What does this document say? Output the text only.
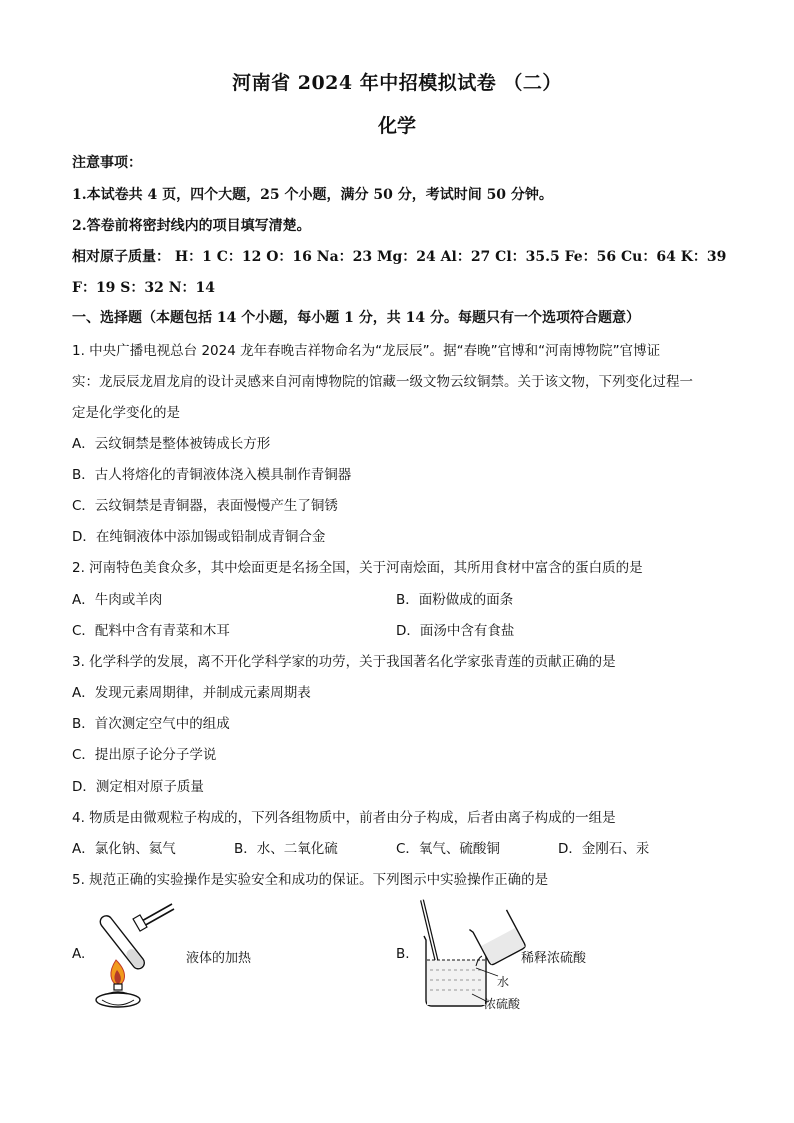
河南省 2024 年中招模拟试卷 （二）
化学
注意事项：
1.本试卷共 4 页，四个大题，25 个小题，满分 50 分，考试时间 50 分钟。
2.答卷前将密封线内的项目填写清楚。
相对原子质量： H：1 C：12 O：16 Na：23 Mg：24 Al：27 Cl：35.5 Fe：56 Cu：64 K：39
F：19 S：32 N：14
一、选择题（本题包括 14 个小题，每小题 1 分，共 14 分。每题只有一个选项符合题意）
1. 中央广播电视总台 2024 龙年春晚吉祥物命名为“龙辰辰”。据“春晚”官博和“河南博物院”官博证
实：龙辰辰龙眉龙肩的设计灵感来自河南博物院的馆藏一级文物云纹铜禁。关于该文物，下列变化过程一
定是化学变化的是
A．云纹铜禁是整体被铸成长方形
B．古人将熔化的青铜液体浇入模具制作青铜器
C．云纹铜禁是青铜器，表面慢慢产生了铜锈
D．在纯铜液体中添加锡或铅制成青铜合金
2. 河南特色美食众多，其中烩面更是名扬全国，关于河南烩面，其所用食材中富含的蛋白质的是
A．牛肉或羊肉	B．面粉做成的面条
C．配料中含有青菜和木耳	D．面汤中含有食盐
3. 化学科学的发展，离不开化学科学家的功劳，关于我国著名化学家张青莲的贡献正确的是
A．发现元素周期律，并制成元素周期表
B．首次测定空气中的组成
C．提出原子论分子学说
D．测定相对原子质量
4. 物质是由微观粒子构成的，下列各组物质中，前者由分子构成，后者由离子构成的一组是
A．氯化钠、氦气	B．水、二氧化硫	C．氧气、硫酸铜	D．金刚石、汞
5. 规范正确的实验操作是实验安全和成功的保证。下列图示中实验操作正确的是
A.	液体的加热	B.	稀释浓硫酸
水
浓硫酸
